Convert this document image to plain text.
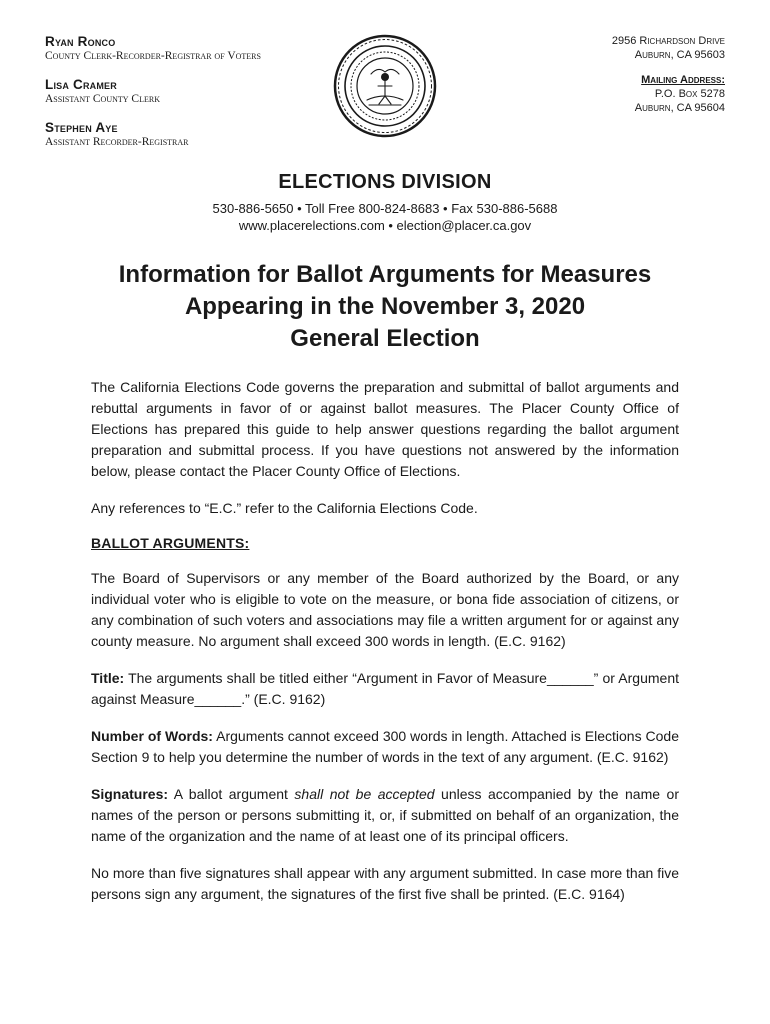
Ryan Ronco
County Clerk-Recorder-Registrar of Voters
Lisa Cramer
Assistant County Clerk
Stephen Aye
Assistant Recorder-Registrar
2956 Richardson Drive
Auburn, CA 95603
Mailing Address:
P.O. Box 5278
Auburn, CA 95604
ELECTIONS DIVISION
530-886-5650 • Toll Free 800-824-8683 • Fax 530-886-5688
www.placerelections.com • election@placer.ca.gov
Information for Ballot Arguments for Measures
Appearing in the November 3, 2020
General Election

The California Elections Code governs the preparation and submittal of ballot arguments and rebuttal arguments in favor of or against ballot measures. The Placer County Office of Elections has prepared this guide to help answer questions regarding the ballot argument preparation and submittal process. If you have questions not answered by the information below, please contact the Placer County Office of Elections.

Any references to “E.C.” refer to the California Elections Code.

BALLOT ARGUMENTS:

The Board of Supervisors or any member of the Board authorized by the Board, or any individual voter who is eligible to vote on the measure, or bona fide association of citizens, or any combination of such voters and associations may file a written argument for or against any county measure. No argument shall exceed 300 words in length. (E.C. 9162)

Title: The arguments shall be titled either “Argument in Favor of Measure______” or Argument against Measure______.” (E.C. 9162)

Number of Words: Arguments cannot exceed 300 words in length. Attached is Elections Code Section 9 to help you determine the number of words in the text of any argument. (E.C. 9162)

Signatures: A ballot argument shall not be accepted unless accompanied by the name or names of the person or persons submitting it, or, if submitted on behalf of an organization, the name of the organization and the name of at least one of its principal officers.

No more than five signatures shall appear with any argument submitted. In case more than five persons sign any argument, the signatures of the first five shall be printed. (E.C. 9164)
